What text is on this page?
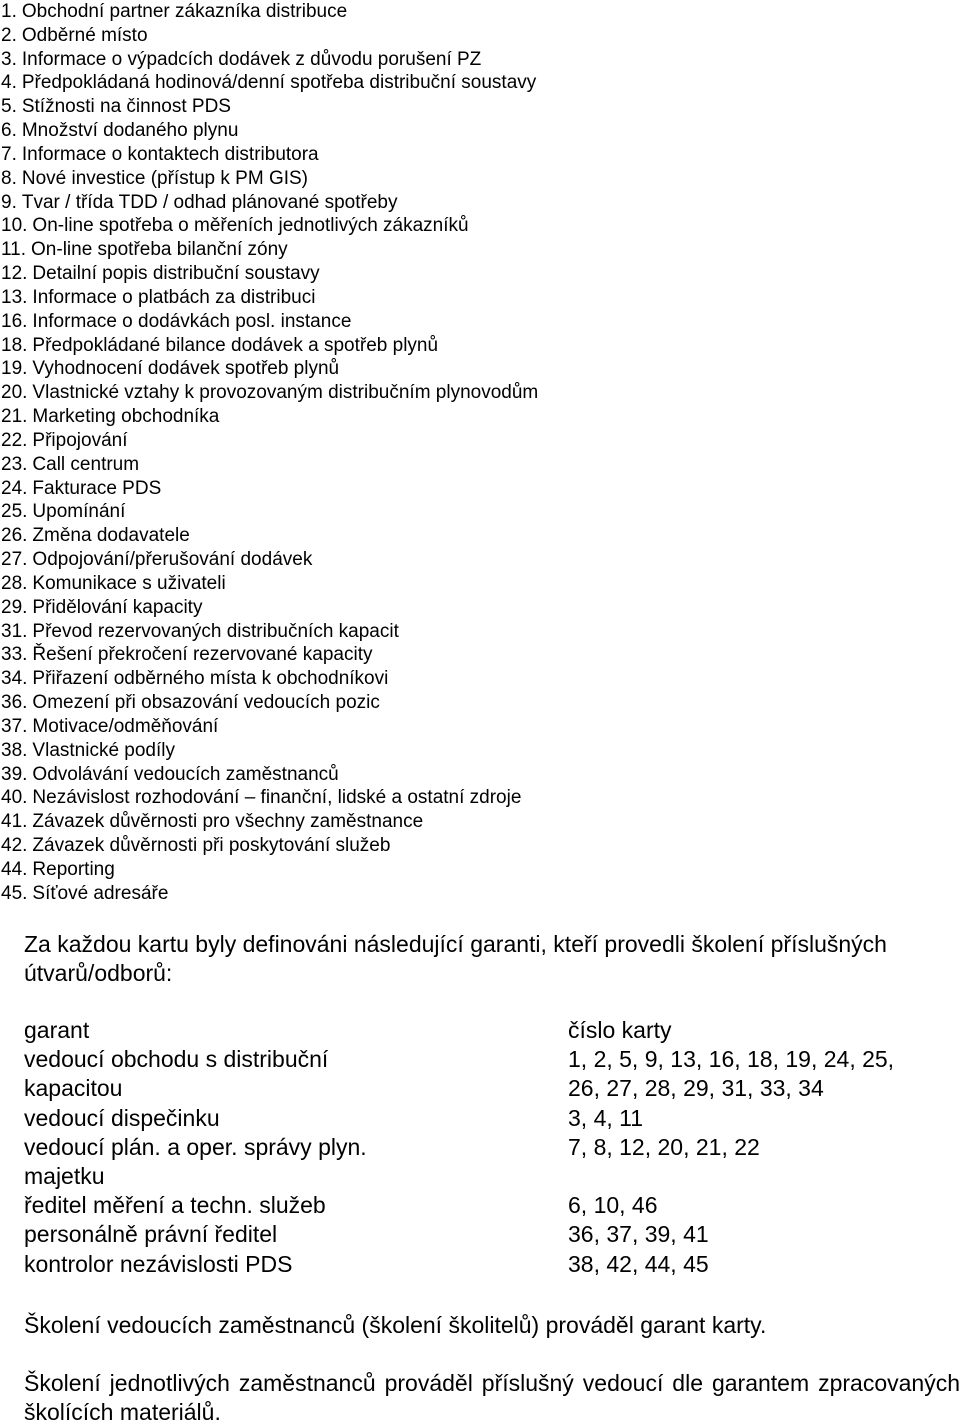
1. Obchodní partner zákazníka distribuce
2. Odběrné místo
3. Informace o výpadcích dodávek z důvodu porušení PZ
4. Předpokládaná hodinová/denní spotřeba distribuční soustavy
5. Stížnosti na činnost PDS
6. Množství dodaného plynu
7. Informace o kontaktech distributora
8. Nové investice (přístup k PM GIS)
9. Tvar / třída TDD / odhad plánované spotřeby
10. On-line spotřeba o měřeních jednotlivých zákazníků
11. On-line spotřeba bilanční zóny
12. Detailní popis distribuční soustavy
13. Informace o platbách za distribuci
16. Informace o dodávkách posl. instance
18. Předpokládané bilance dodávek a spotřeb plynů
19. Vyhodnocení dodávek spotřeb plynů
20. Vlastnické vztahy k provozovaným distribučním plynovodům
21. Marketing obchodníka
22. Připojování
23. Call centrum
24. Fakturace PDS
25. Upomínání
26. Změna dodavatele
27. Odpojování/přerušování dodávek
28. Komunikace s uživateli
29. Přidělování kapacity
31. Převod rezervovaných distribučních kapacit
33. Řešení překročení rezervované kapacity
34. Přiřazení odběrného místa k obchodníkovi
36. Omezení při obsazování vedoucích pozic
37. Motivace/odměňování
38. Vlastnické podíly
39. Odvolávání vedoucích zaměstnanců
40. Nezávislost rozhodování – finanční, lidské a ostatní zdroje
41. Závazek důvěrnosti pro všechny zaměstnance
42. Závazek důvěrnosti při poskytování služeb
44. Reporting
45. Síťové adresáře

Za každou kartu byly definováni následující garanti, kteří provedli školení příslušných útvarů/odborů:

garant	číslo karty
vedoucí obchodu s distribuční	1, 2, 5, 9, 13, 16, 18, 19, 24, 25,
kapacitou	26, 27, 28, 29, 31, 33, 34
vedoucí dispečinku	3, 4, 11
vedoucí plán. a oper. správy plyn.	7, 8, 12, 20, 21, 22
majetku	
ředitel měření a techn. služeb	6, 10, 46
personálně právní ředitel	36, 37, 39, 41
kontrolor nezávislosti PDS	38, 42, 44, 45

Školení vedoucích zaměstnanců (školení školitelů) prováděl garant karty.

Školení jednotlivých zaměstnanců prováděl příslušný vedoucí dle garantem zpracovaných školících materiálů.
